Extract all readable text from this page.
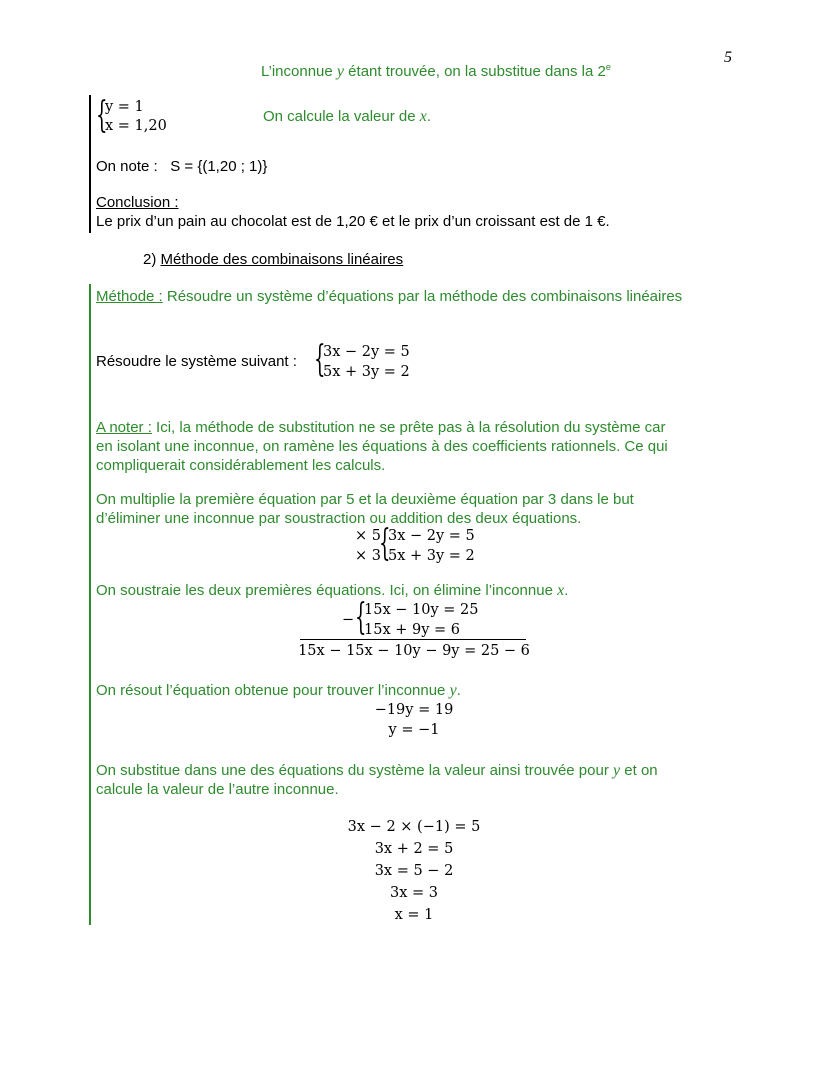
5
L’inconnue y étant trouvée, on la substitue dans la 2e
{
y = 1
x = 1,20
On calcule la valeur de x.
On note : S = {(1,20 ; 1)}
Conclusion :
Le prix d’un pain au chocolat est de 1,20 € et le prix d’un croissant est de 1 €.
2) Méthode des combinaisons linéaires
Méthode : Résoudre un système d’équations par la méthode des combinaisons linéaires
Résoudre le système suivant : {
3x − 2y = 5
5x + 3y = 2
A noter : Ici, la méthode de substitution ne se prête pas à la résolution du système car
en isolant une inconnue, on ramène les équations à des coefficients rationnels. Ce qui
compliquerait considérablement les calculs.
On multiplie la première équation par 5 et la deuxième équation par 3 dans le but
d’éliminer une inconnue par soustraction ou addition des deux équations.
× 5
× 3
{
3x − 2y = 5
5x + 3y = 2
On soustraie les deux premières équations. Ici, on élimine l’inconnue x.
− {
15x − 10y = 25
15x + 9y = 6
15x − 15x − 10y − 9y = 25 − 6
On résout l’équation obtenue pour trouver l’inconnue y.
−19y = 19
y = −1
On substitue dans une des équations du système la valeur ainsi trouvée pour y et on
calcule la valeur de l’autre inconnue.
3x − 2 × (−1) = 5
3x + 2 = 5
3x = 5 − 2
3x = 3
x = 1
